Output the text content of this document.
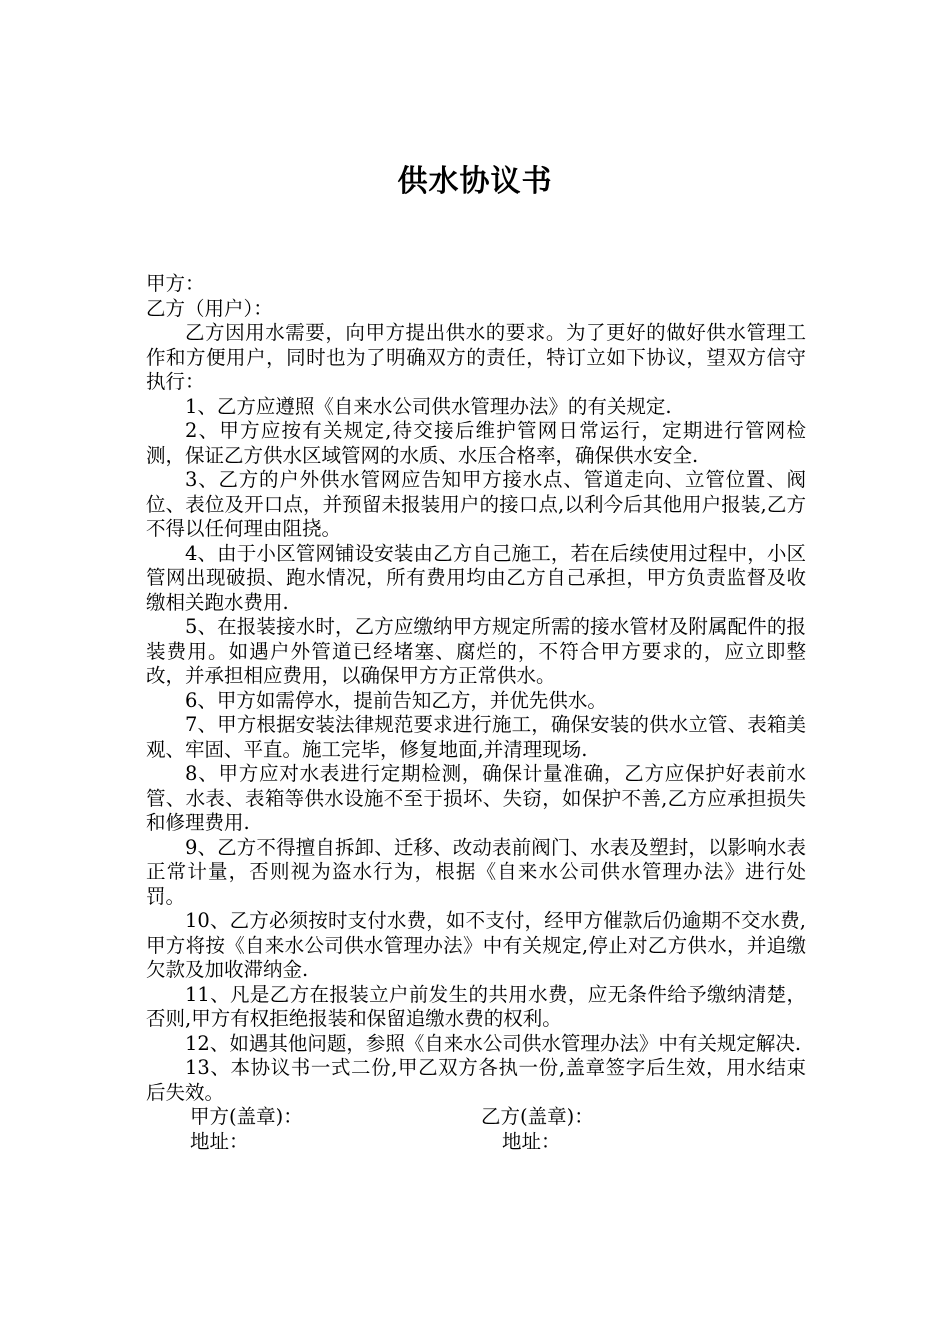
供水协议书

甲方：

乙方（用户）：

乙方因用水需要，向甲方提出供水的要求。为了更好的做好供水管理工作和方便用户，同时也为了明确双方的责任，特订立如下协议，望双方信守执行：

1、乙方应遵照《自来水公司供水管理办法》的有关规定.

2、甲方应按有关规定,待交接后维护管网日常运行，定期进行管网检测，保证乙方供水区域管网的水质、水压合格率，确保供水安全.

3、乙方的户外供水管网应告知甲方接水点、管道走向、立管位置、阀位、表位及开口点，并预留未报装用户的接口点,以利今后其他用户报装,乙方不得以任何理由阻挠。

4、由于小区管网铺设安装由乙方自己施工，若在后续使用过程中，小区管网出现破损、跑水情况，所有费用均由乙方自己承担，甲方负责监督及收缴相关跑水费用.

5、在报装接水时，乙方应缴纳甲方规定所需的接水管材及附属配件的报装费用。如遇户外管道已经堵塞、腐烂的，不符合甲方要求的，应立即整改，并承担相应费用，以确保甲方方正常供水。

6、甲方如需停水，提前告知乙方，并优先供水。

7、甲方根据安装法律规范要求进行施工，确保安装的供水立管、表箱美观、牢固、平直。施工完毕，修复地面,并清理现场.

8、甲方应对水表进行定期检测，确保计量准确，乙方应保护好表前水管、水表、表箱等供水设施不至于损坏、失窃，如保护不善,乙方应承担损失和修理费用.

9、乙方不得擅自拆卸、迁移、改动表前阀门、水表及塑封，以影响水表正常计量，否则视为盗水行为，根据《自来水公司供水管理办法》进行处罚。

10、乙方必须按时支付水费，如不支付，经甲方催款后仍逾期不交水费,甲方将按《自来水公司供水管理办法》中有关规定,停止对乙方供水，并追缴欠款及加收滞纳金.

11、凡是乙方在报装立户前发生的共用水费，应无条件给予缴纳清楚，否则,甲方有权拒绝报装和保留追缴水费的权利。

12、如遇其他问题，参照《自来水公司供水管理办法》中有关规定解决.

13、本协议书一式二份,甲乙双方各执一份,盖章签字后生效，用水结束后失效。

甲方(盖章)：	乙方(盖章)：
地址：	地址：
